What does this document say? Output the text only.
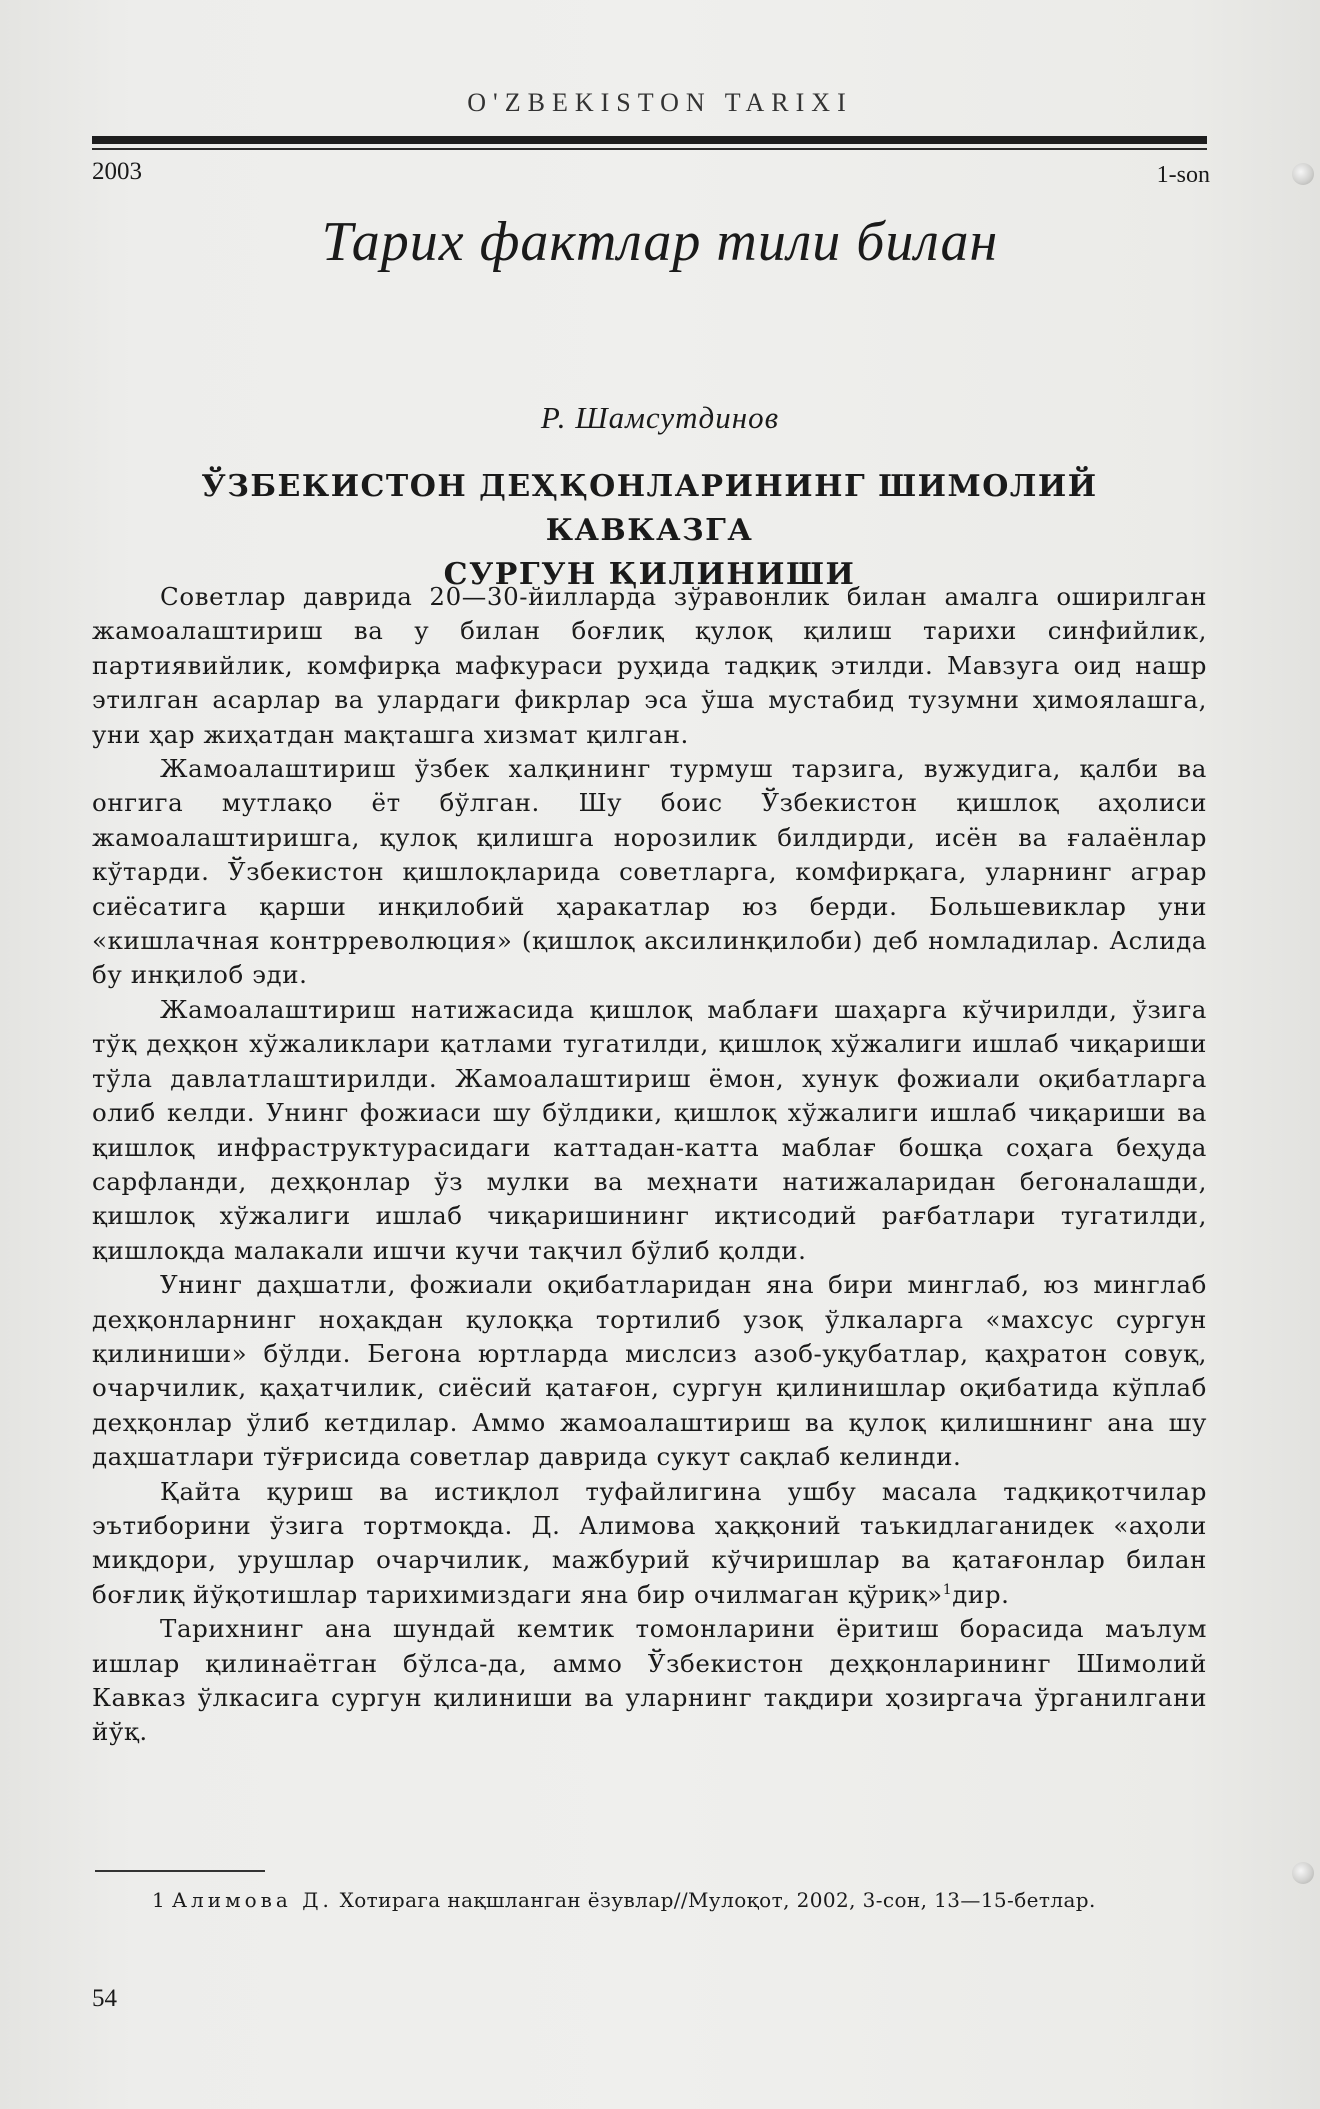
O'ZBEKISTON TARIXI
2003	1-son
Тарих фактлар тили билан
Р. Шамсутдинов
ЎЗБЕКИСТОН ДЕҲҚОНЛАРИНИНГ ШИМОЛИЙ КАВКАЗГА
СУРГУН ҚИЛИНИШИ

Советлар даврида 20—30-йилларда зўравонлик билан амалга оширилган жамоалаштириш ва у билан боғлиқ қулоқ қилиш тарихи синфийлик, партиявийлик, комфирқа мафкураси руҳида тадқиқ этилди. Мавзуга оид нашр этилган асарлар ва улардаги фикрлар эса ўша мустабид тузумни ҳимоялашга, уни ҳар жиҳатдан мақташга хизмат қилган.

Жамоалаштириш ўзбек халқининг турмуш тарзига, вужудига, қалби ва онгига мутлақо ёт бўлган. Шу боис Ўзбекистон қишлоқ аҳолиси жамоалаштиришга, қулоқ қилишга норозилик билдирди, исён ва ғалаёнлар кўтарди. Ўзбекистон қишлоқларида советларга, комфирқага, уларнинг аграр сиёсатига қарши инқилобий ҳаракатлар юз берди. Большевиклар уни «кишлачная контрреволюция» (қишлоқ аксилинқилоби) деб номладилар. Аслида бу инқилоб эди.

Жамоалаштириш натижасида қишлоқ маблағи шаҳарга кўчирилди, ўзига тўқ деҳқон хўжаликлари қатлами тугатилди, қишлоқ хўжалиги ишлаб чиқариши тўла давлатлаштирилди. Жамоалаштириш ёмон, хунук фожиали оқибатларга олиб келди. Унинг фожиаси шу бўлдики, қишлоқ хўжалиги ишлаб чиқариши ва қишлоқ инфраструктурасидаги каттадан-катта маблағ бошқа соҳага беҳуда сарфланди, деҳқонлар ўз мулки ва меҳнати натижаларидан бегоналашди, қишлоқ хўжалиги ишлаб чиқаришининг иқтисодий рағбатлари тугатилди, қишлоқда малакали ишчи кучи тақчил бўлиб қолди.

Унинг даҳшатли, фожиали оқибатларидан яна бири минглаб, юз минглаб деҳқонларнинг ноҳақдан қулоққа тортилиб узоқ ўлкаларга «махсус сургун қилиниши» бўлди. Бегона юртларда мислсиз азоб-уқубатлар, қаҳратон совуқ, очарчилик, қаҳатчилик, сиёсий қатағон, сургун қилинишлар оқибатида кўплаб деҳқонлар ўлиб кетдилар. Аммо жамоалаштириш ва қулоқ қилишнинг ана шу даҳшатлари тўғрисида советлар даврида сукут сақлаб келинди.

Қайта қуриш ва истиқлол туфайлигина ушбу масала тадқиқотчилар эътиборини ўзига тортмоқда. Д. Алимова ҳаққоний таъкидлаганидек «аҳоли миқдори, урушлар очарчилик, мажбурий кўчиришлар ва қатағонлар билан боғлиқ йўқотишлар тарихимиздаги яна бир очилмаган қўриқ»$^1$дир.

Тарихнинг ана шундай кемтик томонларини ёритиш борасида маълум ишлар қилинаётган бўлса-да, аммо Ўзбекистон деҳқонларининг Шимолий Кавказ ўлкасига сургун қилиниши ва уларнинг тақдири ҳозиргача ўрганилгани йўқ.

1 Алимова Д. Хотирага нақшланган ёзувлар//Мулоқот, 2002, 3-сон, 13—15-бетлар.
54
